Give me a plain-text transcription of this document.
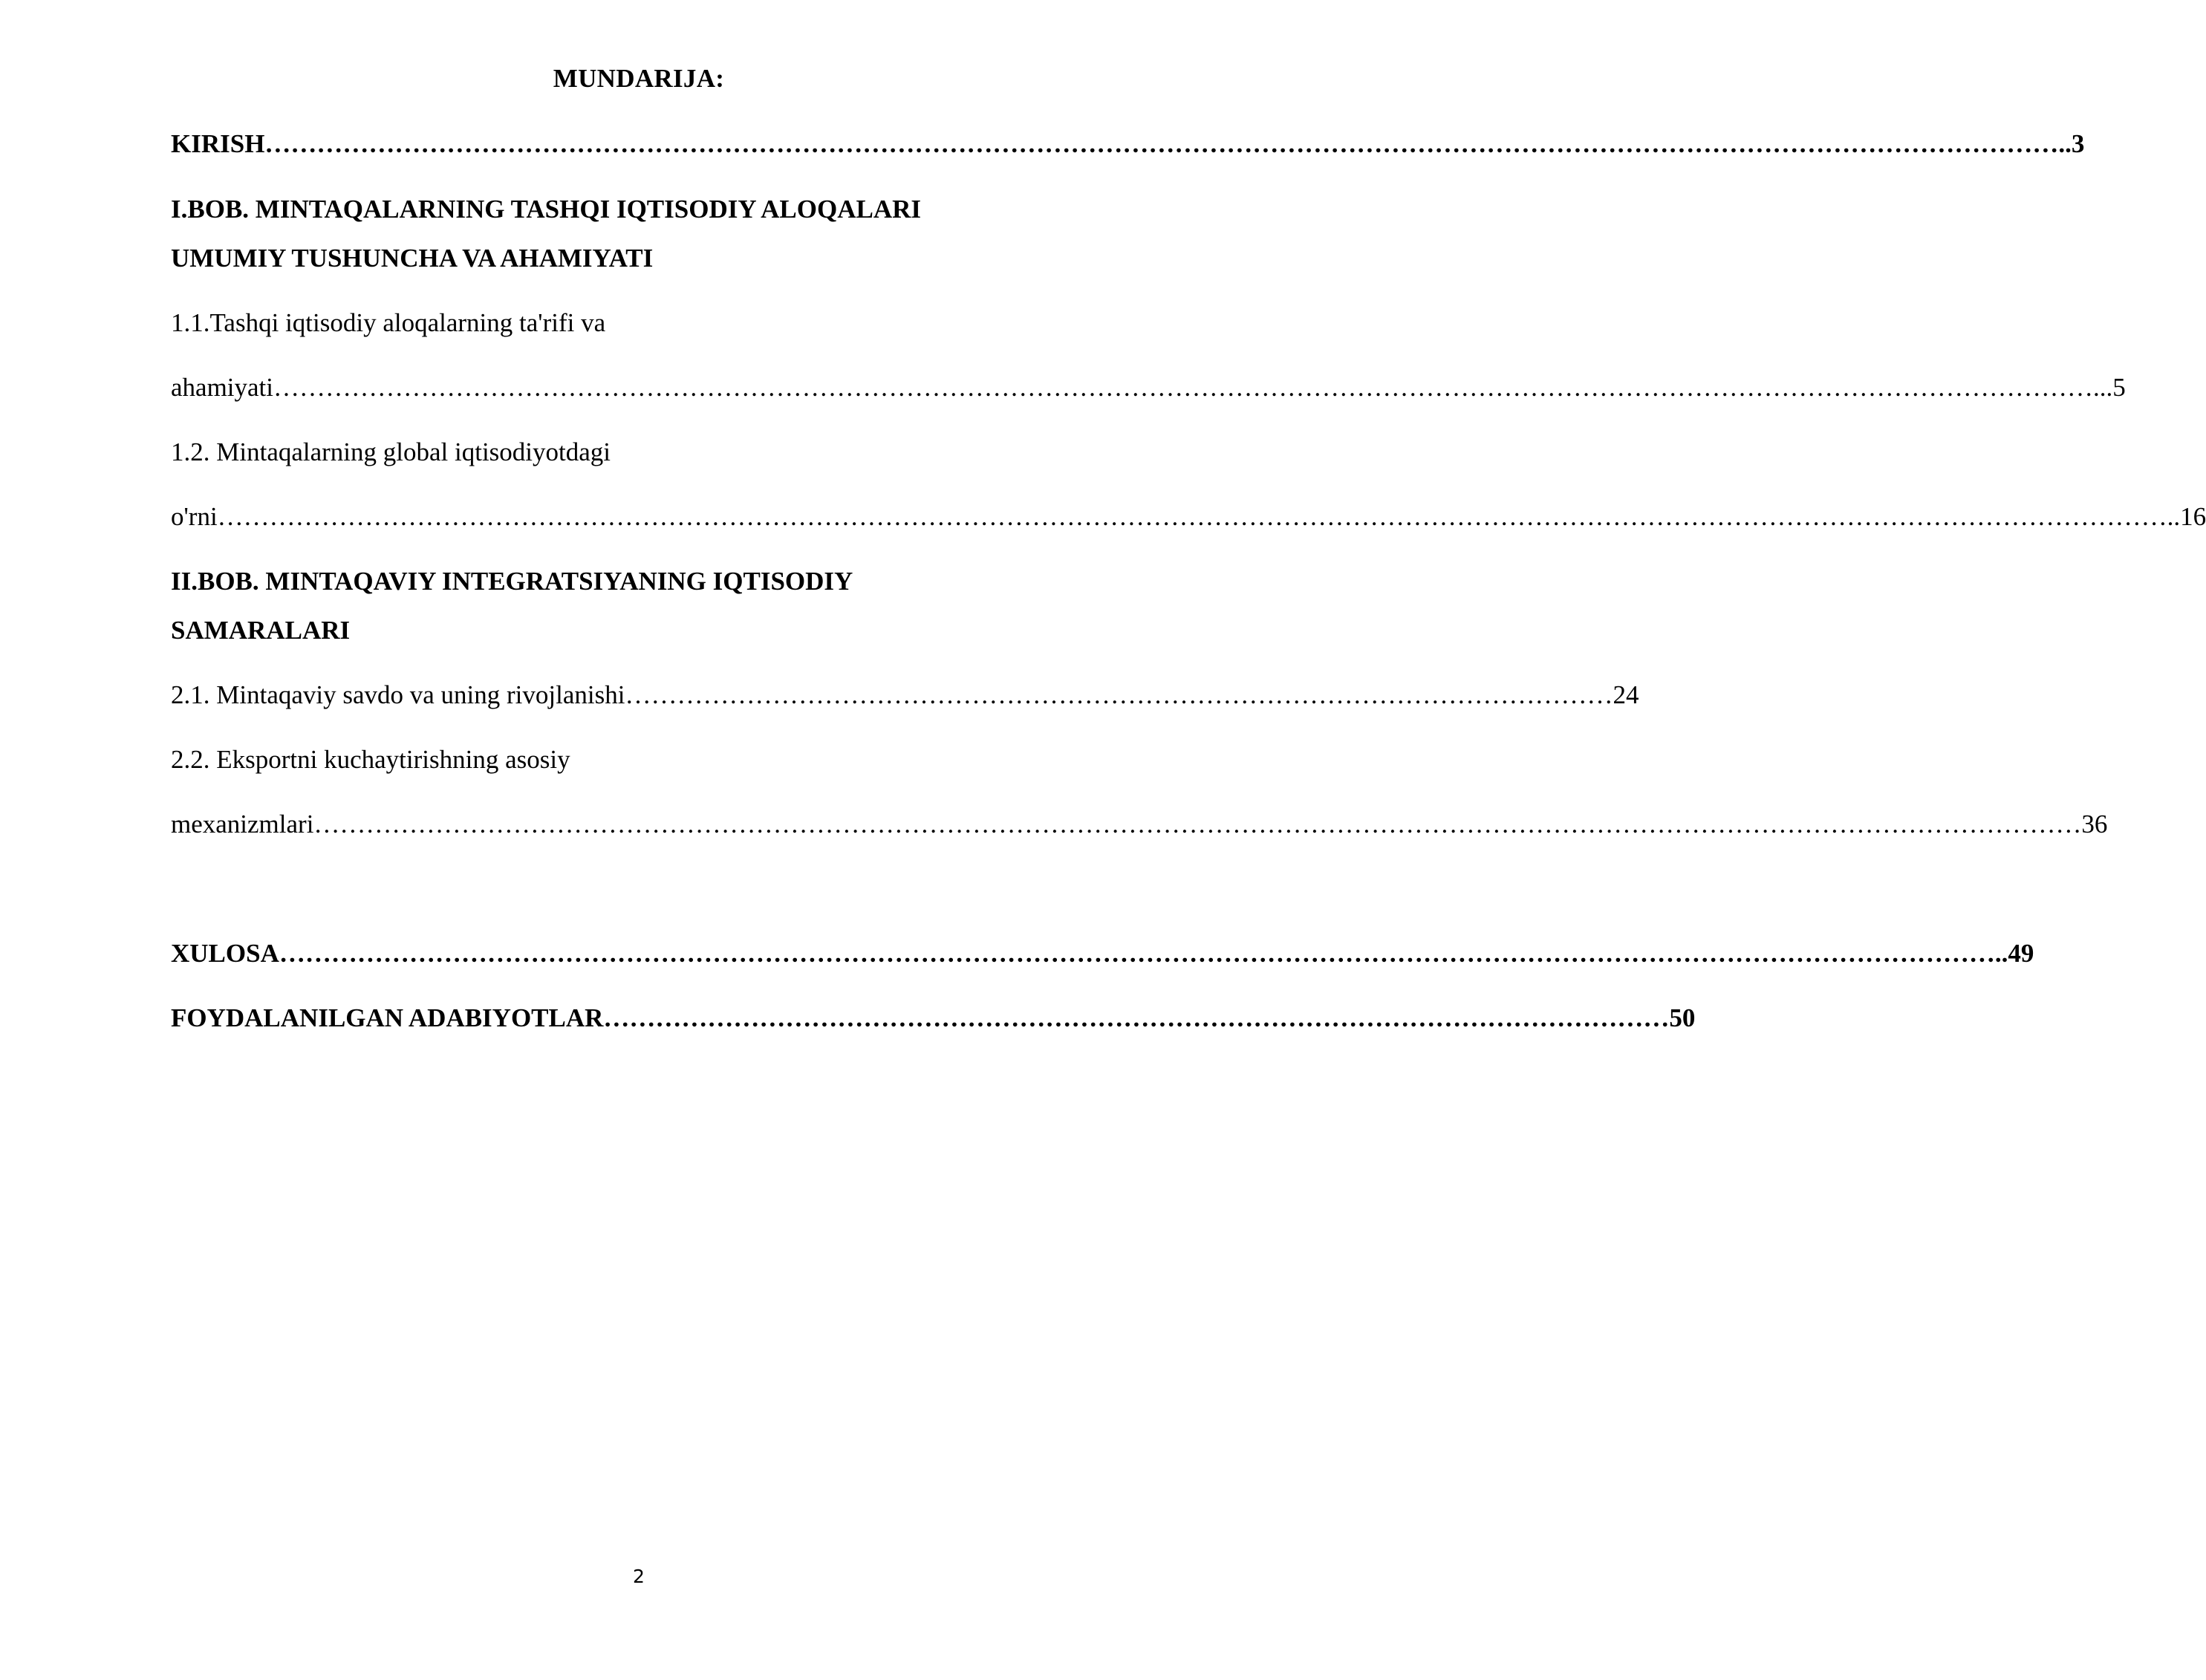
MUNDARIJA:
KIRISH………………………………………………………………………………………………………………………………………………………………………………………..3
I.BOB. MINTAQALARNING TASHQI IQTISODIY ALOQALARI
UMUMIY TUSHUNCHA VA AHAMIYATI
1.1.Tashqi iqtisodiy aloqalarning ta'rifi va
ahamiyati…………………………………………………………………………………………………………………………………………………………………………………………...5
1.2. Mintaqalarning global iqtisodiyotdagi
o'rni………………………………………………………………………………………………………………………………………………………………………………………………………..16
II.BOB. MINTAQAVIY INTEGRATSIYANING IQTISODIY
SAMARALARI
2.1. Mintaqaviy savdo va uning rivojlanishi……………………………………………………………………………………………………24
2.2. Eksportni kuchaytirishning asosiy
mexanizmlari……………………………………………………………………………………………………………………………………………………………………………………36
XULOSA………………………………………………………………………………………………………………………………………………………………………………..49
FOYDALANILGAN ADABIYOTLAR……………………………………………………………………………………………………………50
2
